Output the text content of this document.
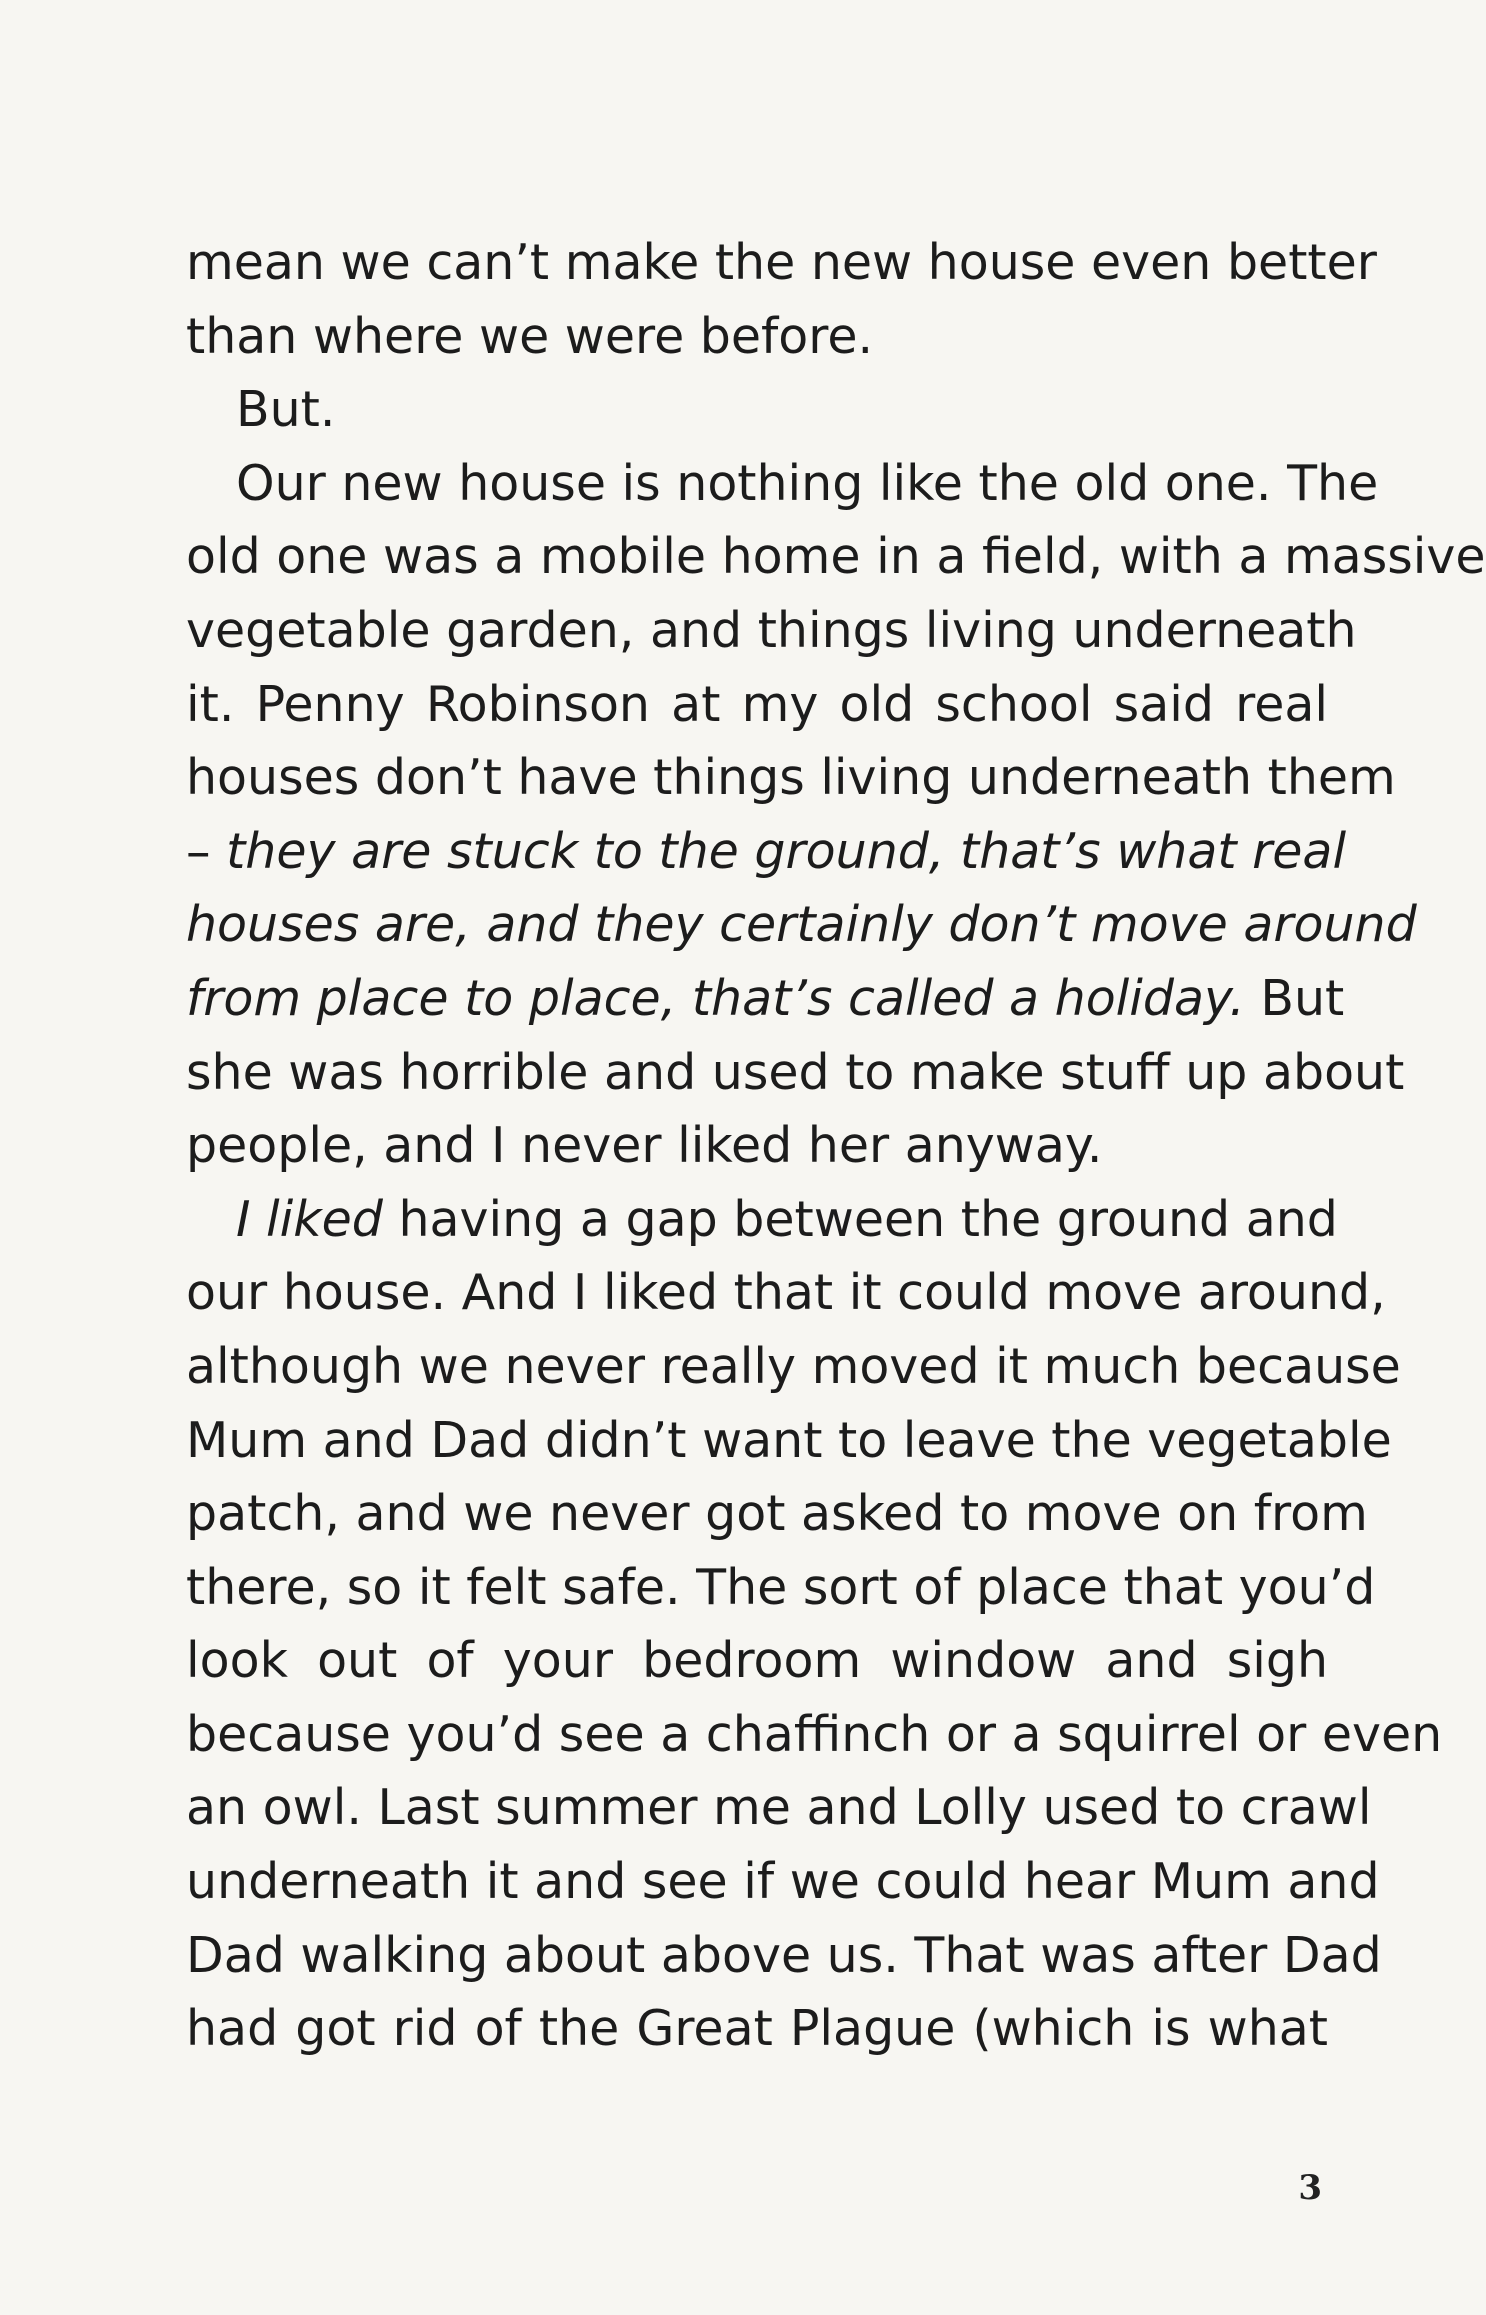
mean we can’t make the new house even better
than where we were before.
But.
Our new house is nothing like the old one. The
old one was a mobile home in a field, with a massive
vegetable garden, and things living underneath
it. Penny Robinson at my old school said real
houses don’t have things living underneath them
– they are stuck to the ground, that’s what real
houses are, and they certainly don’t move around
from place to place, that’s called a holiday. But
she was horrible and used to make stuff up about
people, and I never liked her anyway.
I liked having a gap between the ground and
our house. And I liked that it could move around,
although we never really moved it much because
Mum and Dad didn’t want to leave the vegetable
patch, and we never got asked to move on from
there, so it felt safe. The sort of place that you’d
look out of your bedroom window and sigh
because you’d see a chaffinch or a squirrel or even
an owl. Last summer me and Lolly used to crawl
underneath it and see if we could hear Mum and
Dad walking about above us. That was after Dad
had got rid of the Great Plague (which is what
3
